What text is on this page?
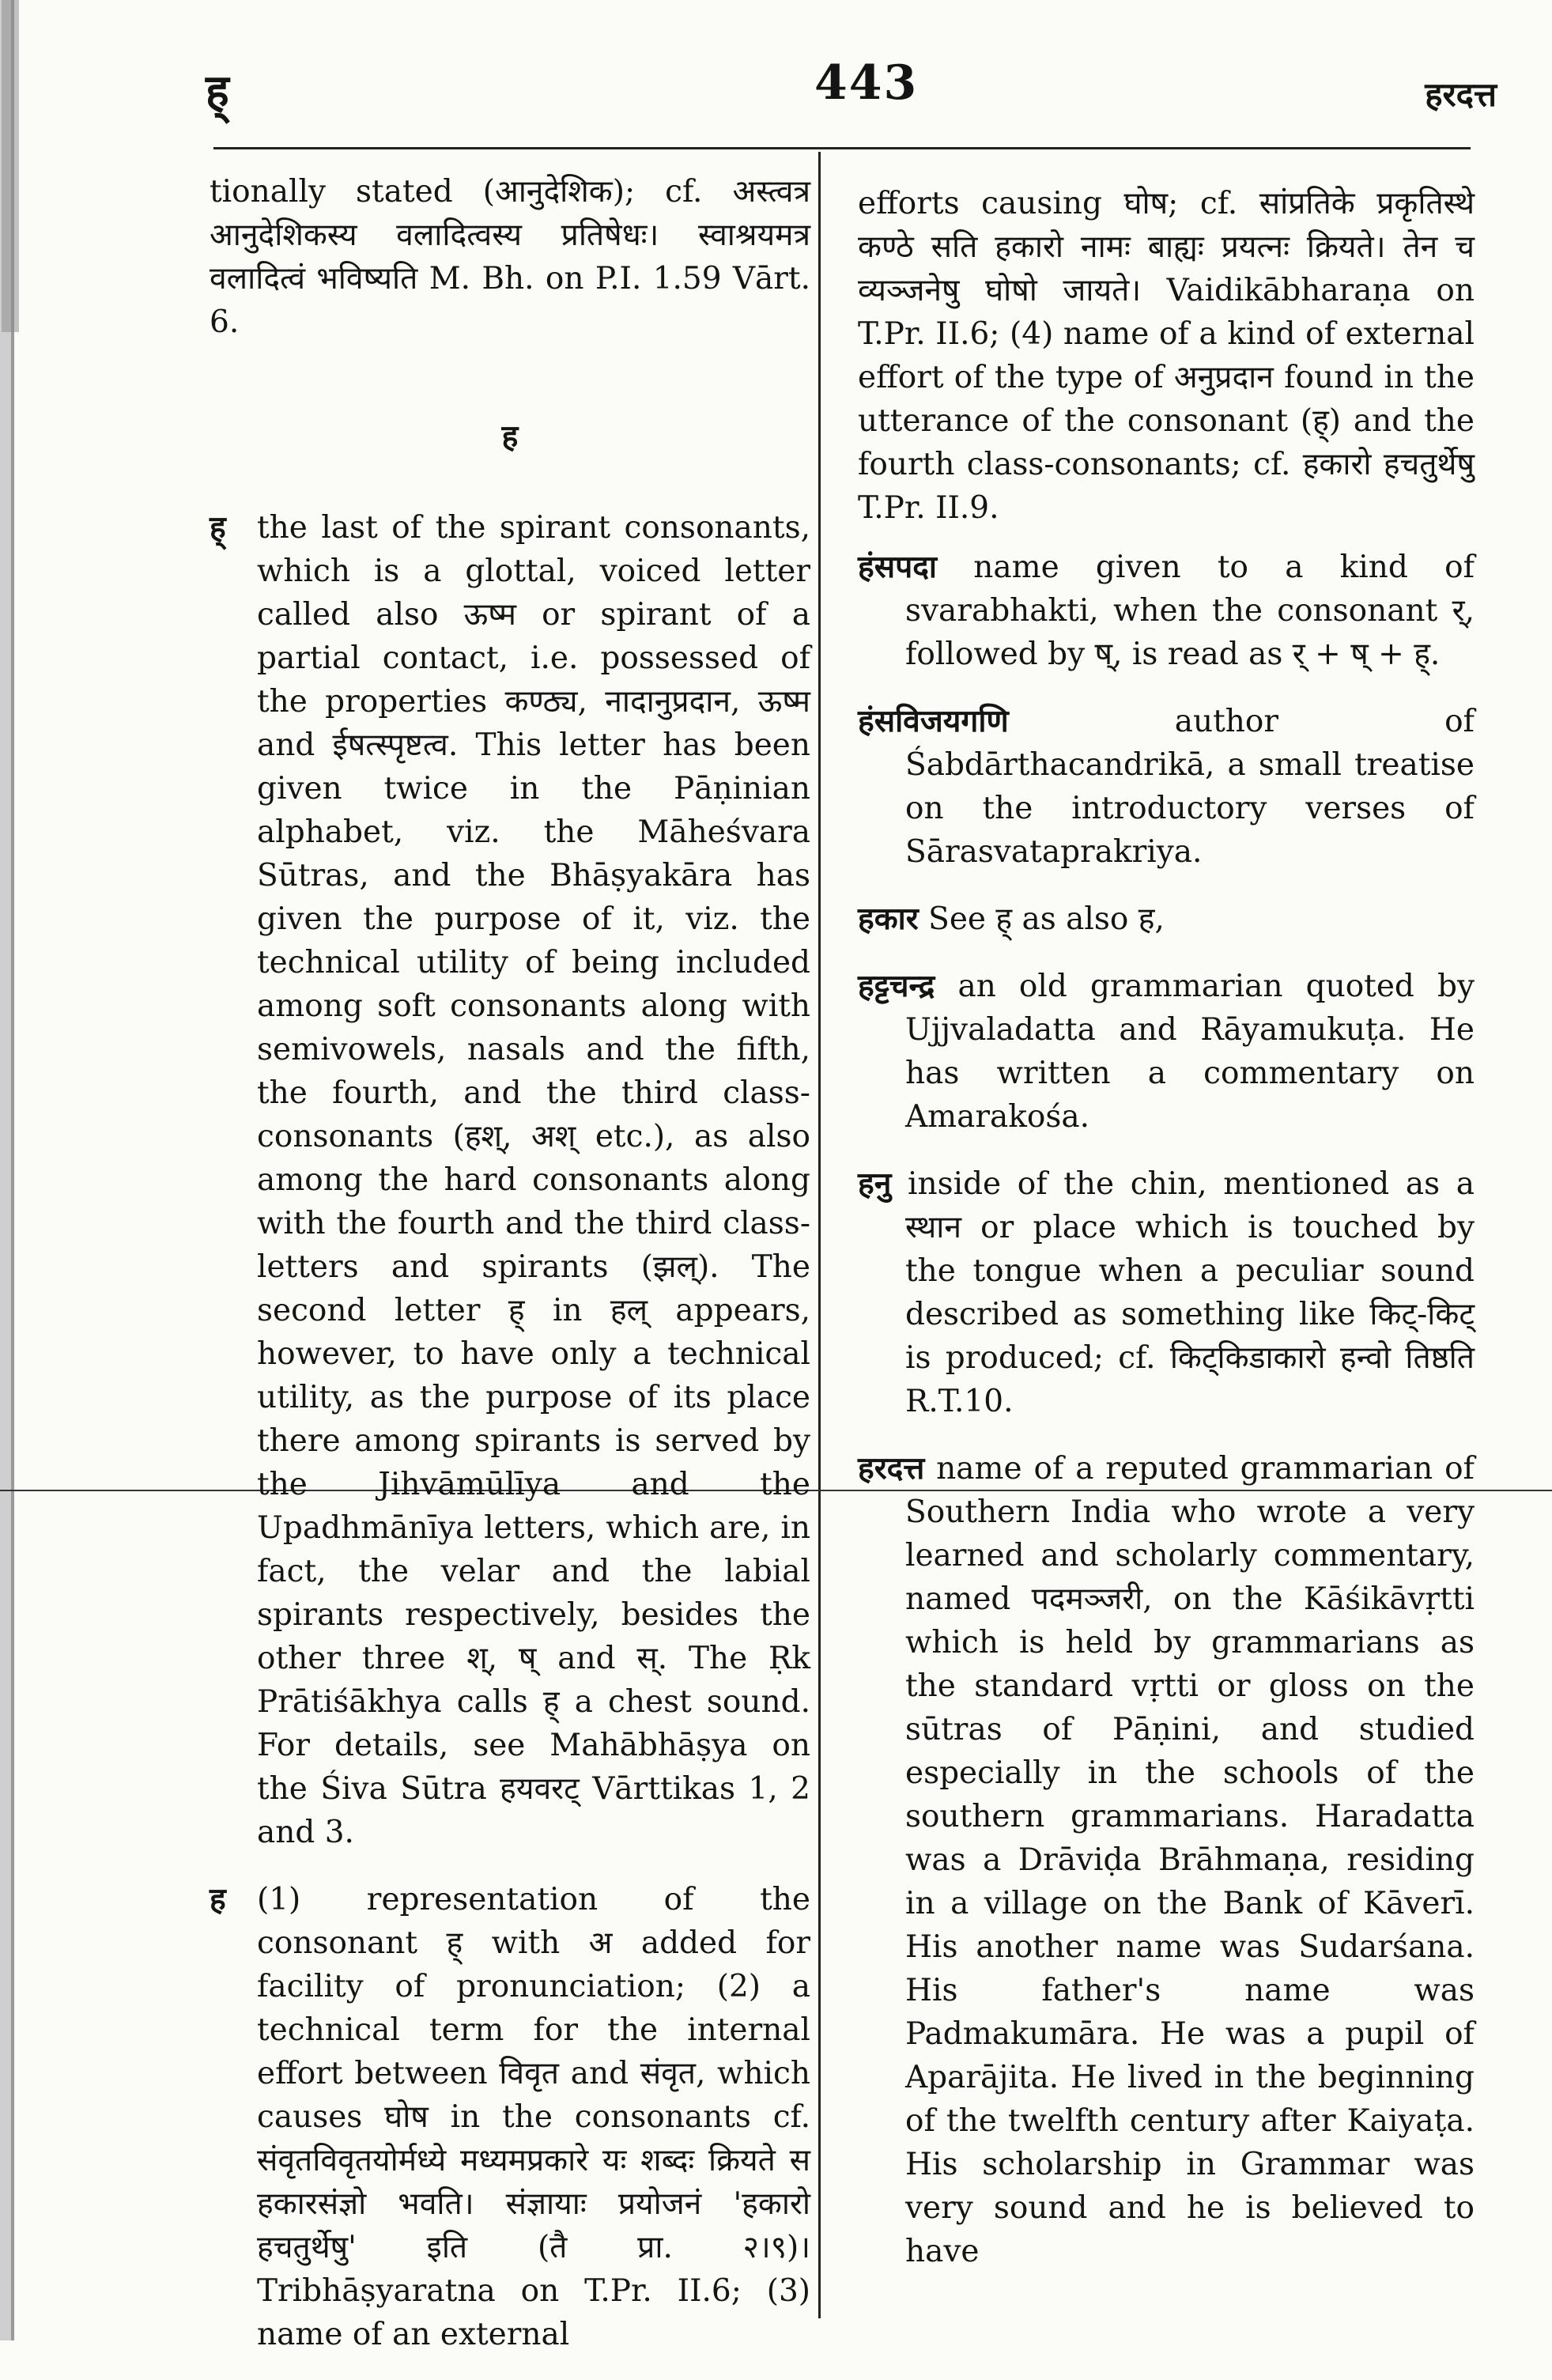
ह्	443	हरदत्त

tionally stated (आनुदेशिक); cf. अस्त्वत्र आनुदेशिकस्य वलादित्वस्य प्रतिषेधः। स्वाश्रयमत्र वलादित्वं भविष्यति M. Bh. on P.I. 1.59 Vārt. 6.

ह
ह् the last of the spirant consonants, which is a glottal, voiced letter called also ऊष्म or spirant of a partial contact, i.e. possessed of the properties कण्ठ्य, नादानुप्रदान, ऊष्म and ईषत्स्पृष्टत्व. This letter has been given twice in the Pāṇinian alphabet, viz. the Māheśvara Sūtras, and the Bhāṣyakāra has given the purpose of it, viz. the technical utility of being included among soft consonants along with semivowels, nasals and the fifth, the fourth, and the third class-consonants (हश्, अश् etc.), as also among the hard consonants along with the fourth and the third class-letters and spirants (झल्). The second letter ह् in हल् appears, however, to have only a technical utility, as the purpose of its place there among spirants is served by the Jihvāmūlīya and the Upadhmānīya letters, which are, in fact, the velar and the labial spirants respectively, besides the other three श्, ष् and स्. The Ṛk Prātiśākhya calls ह् a chest sound. For details, see Mahābhāṣya on the Śiva Sūtra हयवरट् Vārttikas 1, 2 and 3.

ह (1) representation of the consonant ह् with अ added for facility of pronunciation; (2) a technical term for the internal effort between विवृत and संवृत, which causes घोष in the consonants cf. संवृतविवृतयोर्मध्ये मध्यमप्रकारे यः शब्दः क्रियते स हकारसंज्ञो भवति। संज्ञायाः प्रयोजनं 'हकारो हचतुर्थेषु' इति (तै प्रा. २।९)। Tribhāṣyaratna on T.Pr. II.6; (3) name of an external

efforts causing घोष; cf. सांप्रतिके प्रकृतिस्थे कण्ठे सति हकारो नामः बाह्यः प्रयत्नः क्रियते। तेन च व्यञ्जनेषु घोषो जायते। Vaidikābharaṇa on T.Pr. II.6; (4) name of a kind of external effort of the type of अनुप्रदान found in the utterance of the consonant (ह्) and the fourth class-consonants; cf. हकारो हचतुर्थेषु T.Pr. II.9.

हंसपदा name given to a kind of svarabhakti, when the consonant र्, followed by ष्, is read as र् + ष् + ह्.

हंसविजयगणि	author of Śabdārthacandrikā, a small treatise on the introductory verses of Sārasvataprakriya.

हकार See ह् as also ह,

हट्टचन्द्र an old grammarian quoted by Ujjvaladatta and Rāyamukuṭa. He has written a commentary on Amarakośa.

हनु inside of the chin, mentioned as a स्थान or place which is touched by the tongue when a peculiar sound described as something like किट्-किट् is produced; cf. किट्किडाकारो हन्वो तिष्ठति R.T.10.

हरदत्त name of a reputed grammarian of Southern India who wrote a very learned and scholarly commentary, named पदमञ्जरी, on the Kāśikāvṛtti which is held by grammarians as the standard vṛtti or gloss on the sūtras of Pāṇini, and studied especially in the schools of the southern grammarians. Haradatta was a Drāviḍa Brāhmaṇa, residing in a village on the Bank of Kāverī. His another name was Sudarśana. His father's name was Padmakumāra. He was a pupil of Aparājita. He lived in the beginning of the twelfth century after Kaiyaṭa. His scholarship in Grammar was very sound and he is believed to have
